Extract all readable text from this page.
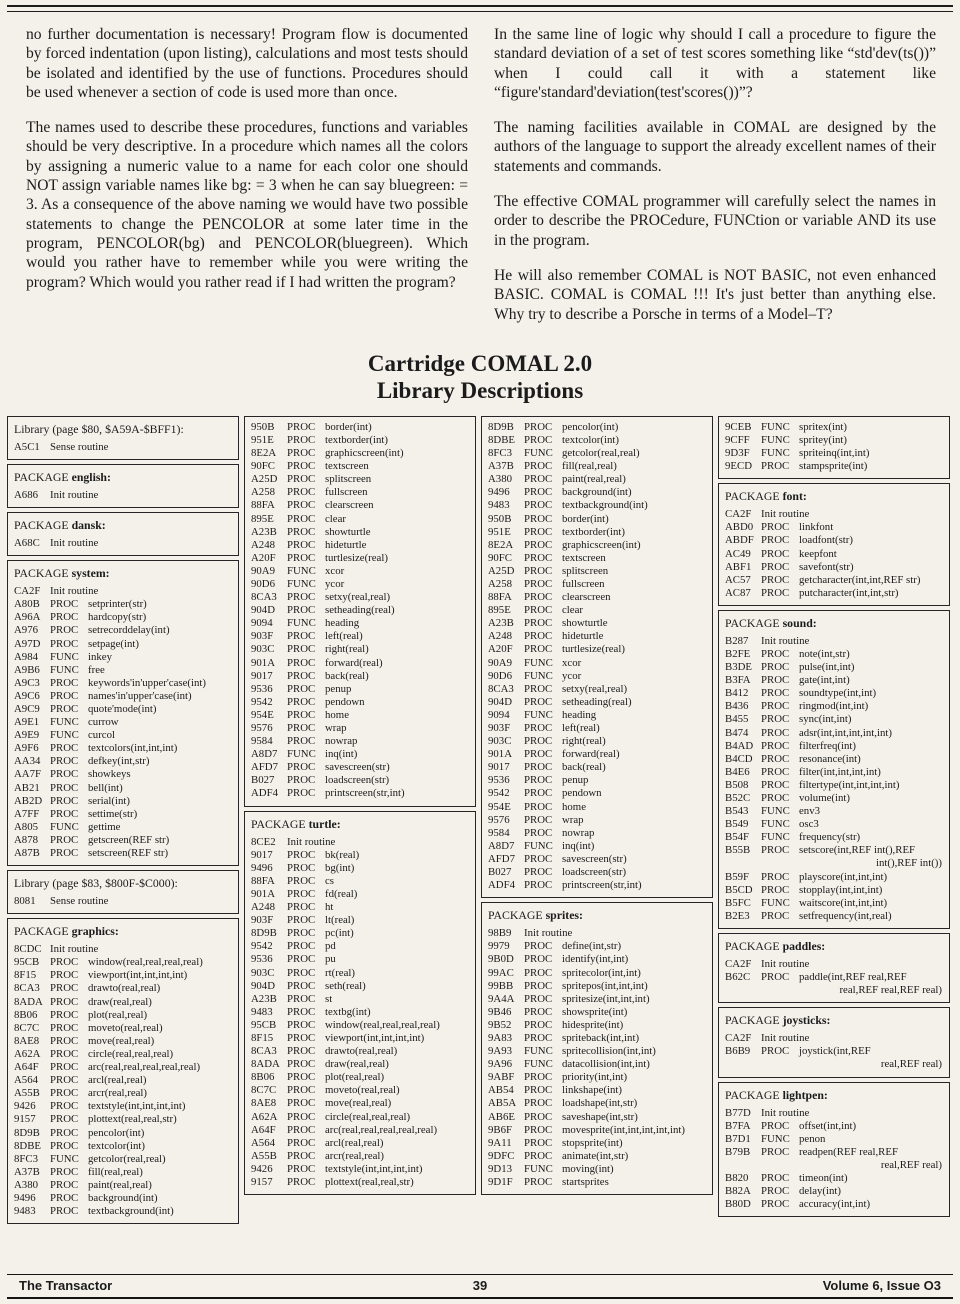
no further documentation is necessary! Program flow is documented by forced indentation (upon listing), calculations and most tests should be isolated and identified by the use of functions. Procedures should be used whenever a section of code is used more than once.

The names used to describe these procedures, functions and variables should be very descriptive. In a procedure which names all the colors by assigning a numeric value to a name for each color one should NOT assign variable names like bg: = 3 when he can say bluegreen: = 3. As a consequence of the above naming we would have two possible statements to change the PENCOLOR at some later time in the program, PENCOLOR(bg) and PENCOLOR(bluegreen). Which would you rather have to remember while you were writing the program? Which would you rather read if I had written the program?

In the same line of logic why should I call a procedure to figure the standard deviation of a set of test scores something like “std'dev(ts())” when I could call it with a statement like “figure'standard'deviation(test'scores())”?

The naming facilities available in COMAL are designed by the authors of the language to support the already excellent names of their statements and commands.

The effective COMAL programmer will carefully select the names in order to describe the PROCedure, FUNCtion or variable AND its use in the program.

He will also remember COMAL is NOT BASIC, not even enhanced BASIC. COMAL is COMAL !!! It's just better than anything else. Why try to describe a Porsche in terms of a Model–T?

Cartridge COMAL 2.0
Library Descriptions
Library (page $80, $A59A-$BFF1):
A5C1 Sense routine
PACKAGE english:
A686	Init routine
PACKAGE dansk:
A68C Init routine
PACKAGE system:
CA2F Init routine
A80B PROC setprinter(str)
A96A PROC hardcopy(str)
A976	PROC setrecorddelay(int)
A97D PROC setpage(int)
A984	FUNC inkey
A9B6 FUNC free
A9C3 PROC keywords'in'upper'case(int)
A9C6 PROC names'in'upper'case(int)
A9C9 PROC quote'mode(int)
A9E1 FUNC currow
A9E9 FUNC curcol
A9F6	PROC textcolors(int,int,int)
AA34 PROC defkey(int,str)
AA7F PROC showkeys
AB21 PROC bell(int)
AB2D PROC serial(int)
A7FF PROC settime(str)
A805	FUNC gettime
A878	PROC getscreen(REF str)
A87B PROC setscreen(REF str)
Library (page $83, $800F-$C000):
8081	Sense routine
PACKAGE graphics:
8CDC Init routine
95CB PROC window(real,real,real,real)
8F15	PROC viewport(int,int,int,int)
8CA3 PROC drawto(real,real)
8ADA PROC draw(real,real)
8B06	PROC plot(real,real)
8C7C PROC moveto(real,real)
8AE8 PROC move(real,real)
A62A PROC circle(real,real,real)
A64F	PROC arc(real,real,real,real,real)
A564	PROC arcl(real,real)
A55B PROC arcr(real,real)
9426	PROC textstyle(int,int,int,int)
9157	PROC plottext(real,real,str)
8D9B PROC pencolor(int)
8DBE PROC textcolor(int)
8FC3	FUNC getcolor(real,real)
A37B PROC fill(real,real)
A380	PROC paint(real,real)
9496	PROC background(int)
9483	PROC textbackground(int)
950B	PROC border(int)
951E	PROC textborder(int)
8E2A PROC graphicscreen(int)
90FC	PROC textscreen
A25D PROC splitscreen
A258	PROC fullscreen
88FA	PROC clearscreen
895E	PROC clear
A23B PROC showturtle
A248	PROC hideturtle
A20F	PROC turtlesize(real)
90A9	FUNC xcor
90D6	FUNC ycor
8CA3 PROC setxy(real,real)
904D	PROC setheading(real)
9094	FUNC heading
903F	PROC left(real)
903C	PROC right(real)
901A	PROC forward(real)
9017	PROC back(real)
9536	PROC penup
9542	PROC pendown
954E	PROC home
9576	PROC wrap
9584	PROC nowrap
A8D7 FUNC inq(int)
AFD7 PROC savescreen(str)
B027	PROC loadscreen(str)
ADF4 PROC printscreen(str,int)
PACKAGE turtle:
8CE2	Init routine
9017	PROC bk(real)
9496	PROC bg(int)
88FA	PROC cs
901A	PROC fd(real)
A248	PROC ht
903F	PROC lt(real)
8D9B PROC pc(int)
9542	PROC pd
9536	PROC pu
903C	PROC rt(real)
904D	PROC seth(real)
A23B PROC st
9483	PROC textbg(int)
95CB PROC window(real,real,real,real)
8F15	PROC viewport(int,int,int,int)
8CA3 PROC drawto(real,real)
8ADA PROC draw(real,real)
8B06	PROC plot(real,real)
8C7C PROC moveto(real,real)
8AE8 PROC move(real,real)
A62A PROC circle(real,real,real)
A64F	PROC arc(real,real,real,real,real)
A564	PROC arcl(real,real)
A55B PROC arcr(real,real)
9426	PROC textstyle(int,int,int,int)
9157	PROC plottext(real,real,str)
8D9B PROC pencolor(int)
8DBE PROC textcolor(int)
8FC3	FUNC getcolor(real,real)
A37B PROC fill(real,real)
A380	PROC paint(real,real)
9496	PROC background(int)
9483	PROC textbackground(int)
950B	PROC border(int)
951E	PROC textborder(int)
8E2A PROC graphicscreen(int)
90FC	PROC textscreen
A25D PROC splitscreen
A258	PROC fullscreen
88FA	PROC clearscreen
895E	PROC clear
A23B PROC showturtle
A248	PROC hideturtle
A20F	PROC turtlesize(real)
90A9	FUNC xcor
90D6	FUNC ycor
8CA3 PROC setxy(real,real)
904D	PROC setheading(real)
9094	FUNC heading
903F	PROC left(real)
903C	PROC right(real)
901A	PROC forward(real)
9017	PROC back(real)
9536	PROC penup
9542	PROC pendown
954E	PROC home
9576	PROC wrap
9584	PROC nowrap
A8D7 FUNC inq(int)
AFD7 PROC savescreen(str)
B027	PROC loadscreen(str)
ADF4 PROC printscreen(str,int)
PACKAGE sprites:
98B9	Init routine
9979	PROC define(int,str)
9B0D PROC identify(int,int)
99AC PROC spritecolor(int,int)
99BB PROC spritepos(int,int,int)
9A4A PROC spritesize(int,int,int)
9B46	PROC showsprite(int)
9B52	PROC hidesprite(int)
9A83	PROC spriteback(int,int)
9A93	FUNC spritecollision(int,int)
9A96	FUNC datacollision(int,int)
9ABF PROC priority(int,int)
AB54 PROC linkshape(int)
AB5A PROC loadshape(int,str)
AB6E PROC saveshape(int,str)
9B6F	PROC movesprite(int,int,int,int,int)
9A11	PROC stopsprite(int)
9DFC PROC animate(int,str)
9D13	FUNC moving(int)
9D1F	PROC startsprites
9CEB FUNC spritex(int)
9CFF	FUNC spritey(int)
9D3F	FUNC spriteinq(int,int)
9ECD PROC stampsprite(int)
PACKAGE font:
CA2F Init routine
ABD0 PROC linkfont
ABDF PROC loadfont(str)
AC49 PROC keepfont
ABF1 PROC savefont(str)
AC57 PROC getcharacter(int,int,REF str)
AC87 PROC putcharacter(int,int,str)
PACKAGE sound:
B287	Init routine
B2FE PROC note(int,str)
B3DE PROC pulse(int,int)
B3FA PROC gate(int,int)
B412	PROC soundtype(int,int)
B436	PROC ringmod(int,int)
B455	PROC sync(int,int)
B474	PROC adsr(int,int,int,int,int)
B4AD PROC filterfreq(int)
B4CD PROC resonance(int)
B4E6	PROC filter(int,int,int,int)
B508	PROC filtertype(int,int,int,int)
B52C PROC volume(int)
B543	FUNC env3
B549	FUNC osc3
B54F	FUNC frequency(str)
B55B PROC setscore(int,REF int(),REF
int(),REF int())
B59F	PROC playscore(int,int,int)
B5CD PROC stopplay(int,int,int)
B5FC FUNC waitscore(int,int,int)
B2E3	PROC setfrequency(int,real)
PACKAGE paddles:
CA2F Init routine
B62C PROC paddle(int,REF real,REF
real,REF real,REF real)
PACKAGE joysticks:
CA2F Init routine
B6B9 PROC joystick(int,REF
real,REF real)
PACKAGE lightpen:
B77D Init routine
B7FA PROC offset(int,int)
B7D1 FUNC penon
B79B PROC readpen(REF real,REF
real,REF real)
B820	PROC timeon(int)
B82A PROC delay(int)
B80D PROC accuracy(int,int)
The Transactor	39	Volume 6, Issue O3
